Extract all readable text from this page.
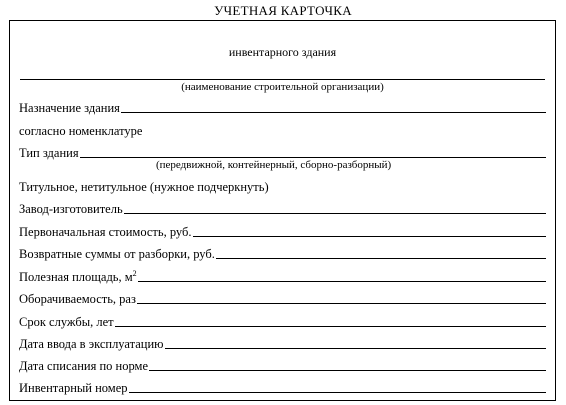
УЧЕТНАЯ КАРТОЧКА
инвентарного здания
(наименование строительной организации)
Назначение здания
согласно номенклатуре
Тип здания
(передвижной, контейнерный, сборно-разборный)
Титульное, нетитульное (нужное подчеркнуть)
Завод-изготовитель
Первоначальная стоимость, руб.
Возвратные суммы от разборки, руб.
Полезная площадь, $м^2$
Оборачиваемость, раз
Срок службы, лет
Дата ввода в эксплуатацию
Дата списания по норме
Инвентарный номер
